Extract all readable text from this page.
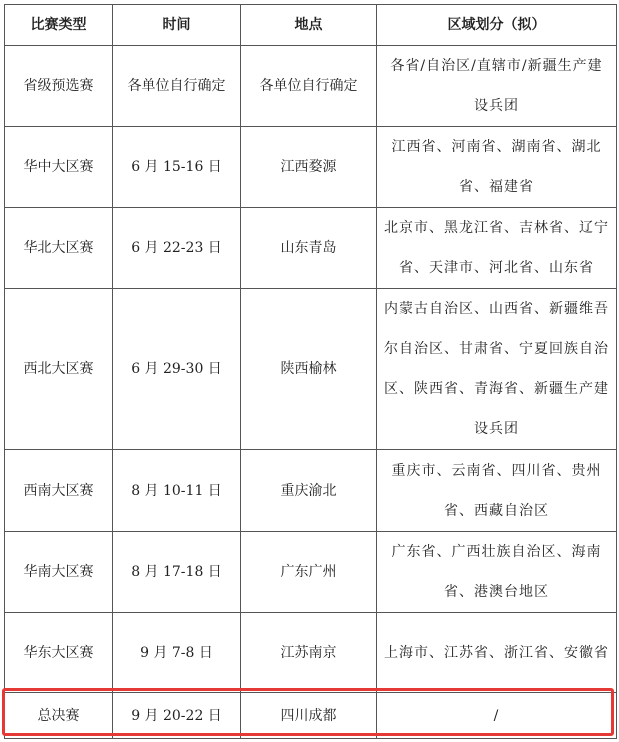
比赛类型	时间	地点	区域划分（拟）
省级预选赛	各单位自行确定	各单位自行确定	各省/自治区/直辖市/新疆生产建设兵团
华中大区赛	6 月 15-16 日	江西婺源	江西省、河南省、湖南省、湖北省、福建省
华北大区赛	6 月 22-23 日	山东青岛	北京市、黑龙江省、吉林省、辽宁省、天津市、河北省、山东省
西北大区赛	6 月 29-30 日	陕西榆林	内蒙古自治区、山西省、新疆维吾尔自治区、甘肃省、宁夏回族自治区、陕西省、青海省、新疆生产建设兵团
西南大区赛	8 月 10-11 日	重庆渝北	重庆市、云南省、四川省、贵州省、西藏自治区
华南大区赛	8 月 17-18 日	广东广州	广东省、广西壮族自治区、海南省、港澳台地区
华东大区赛	9 月 7-8 日	江苏南京	上海市、江苏省、浙江省、安徽省
总决赛	9 月 20-22 日	四川成都	/
